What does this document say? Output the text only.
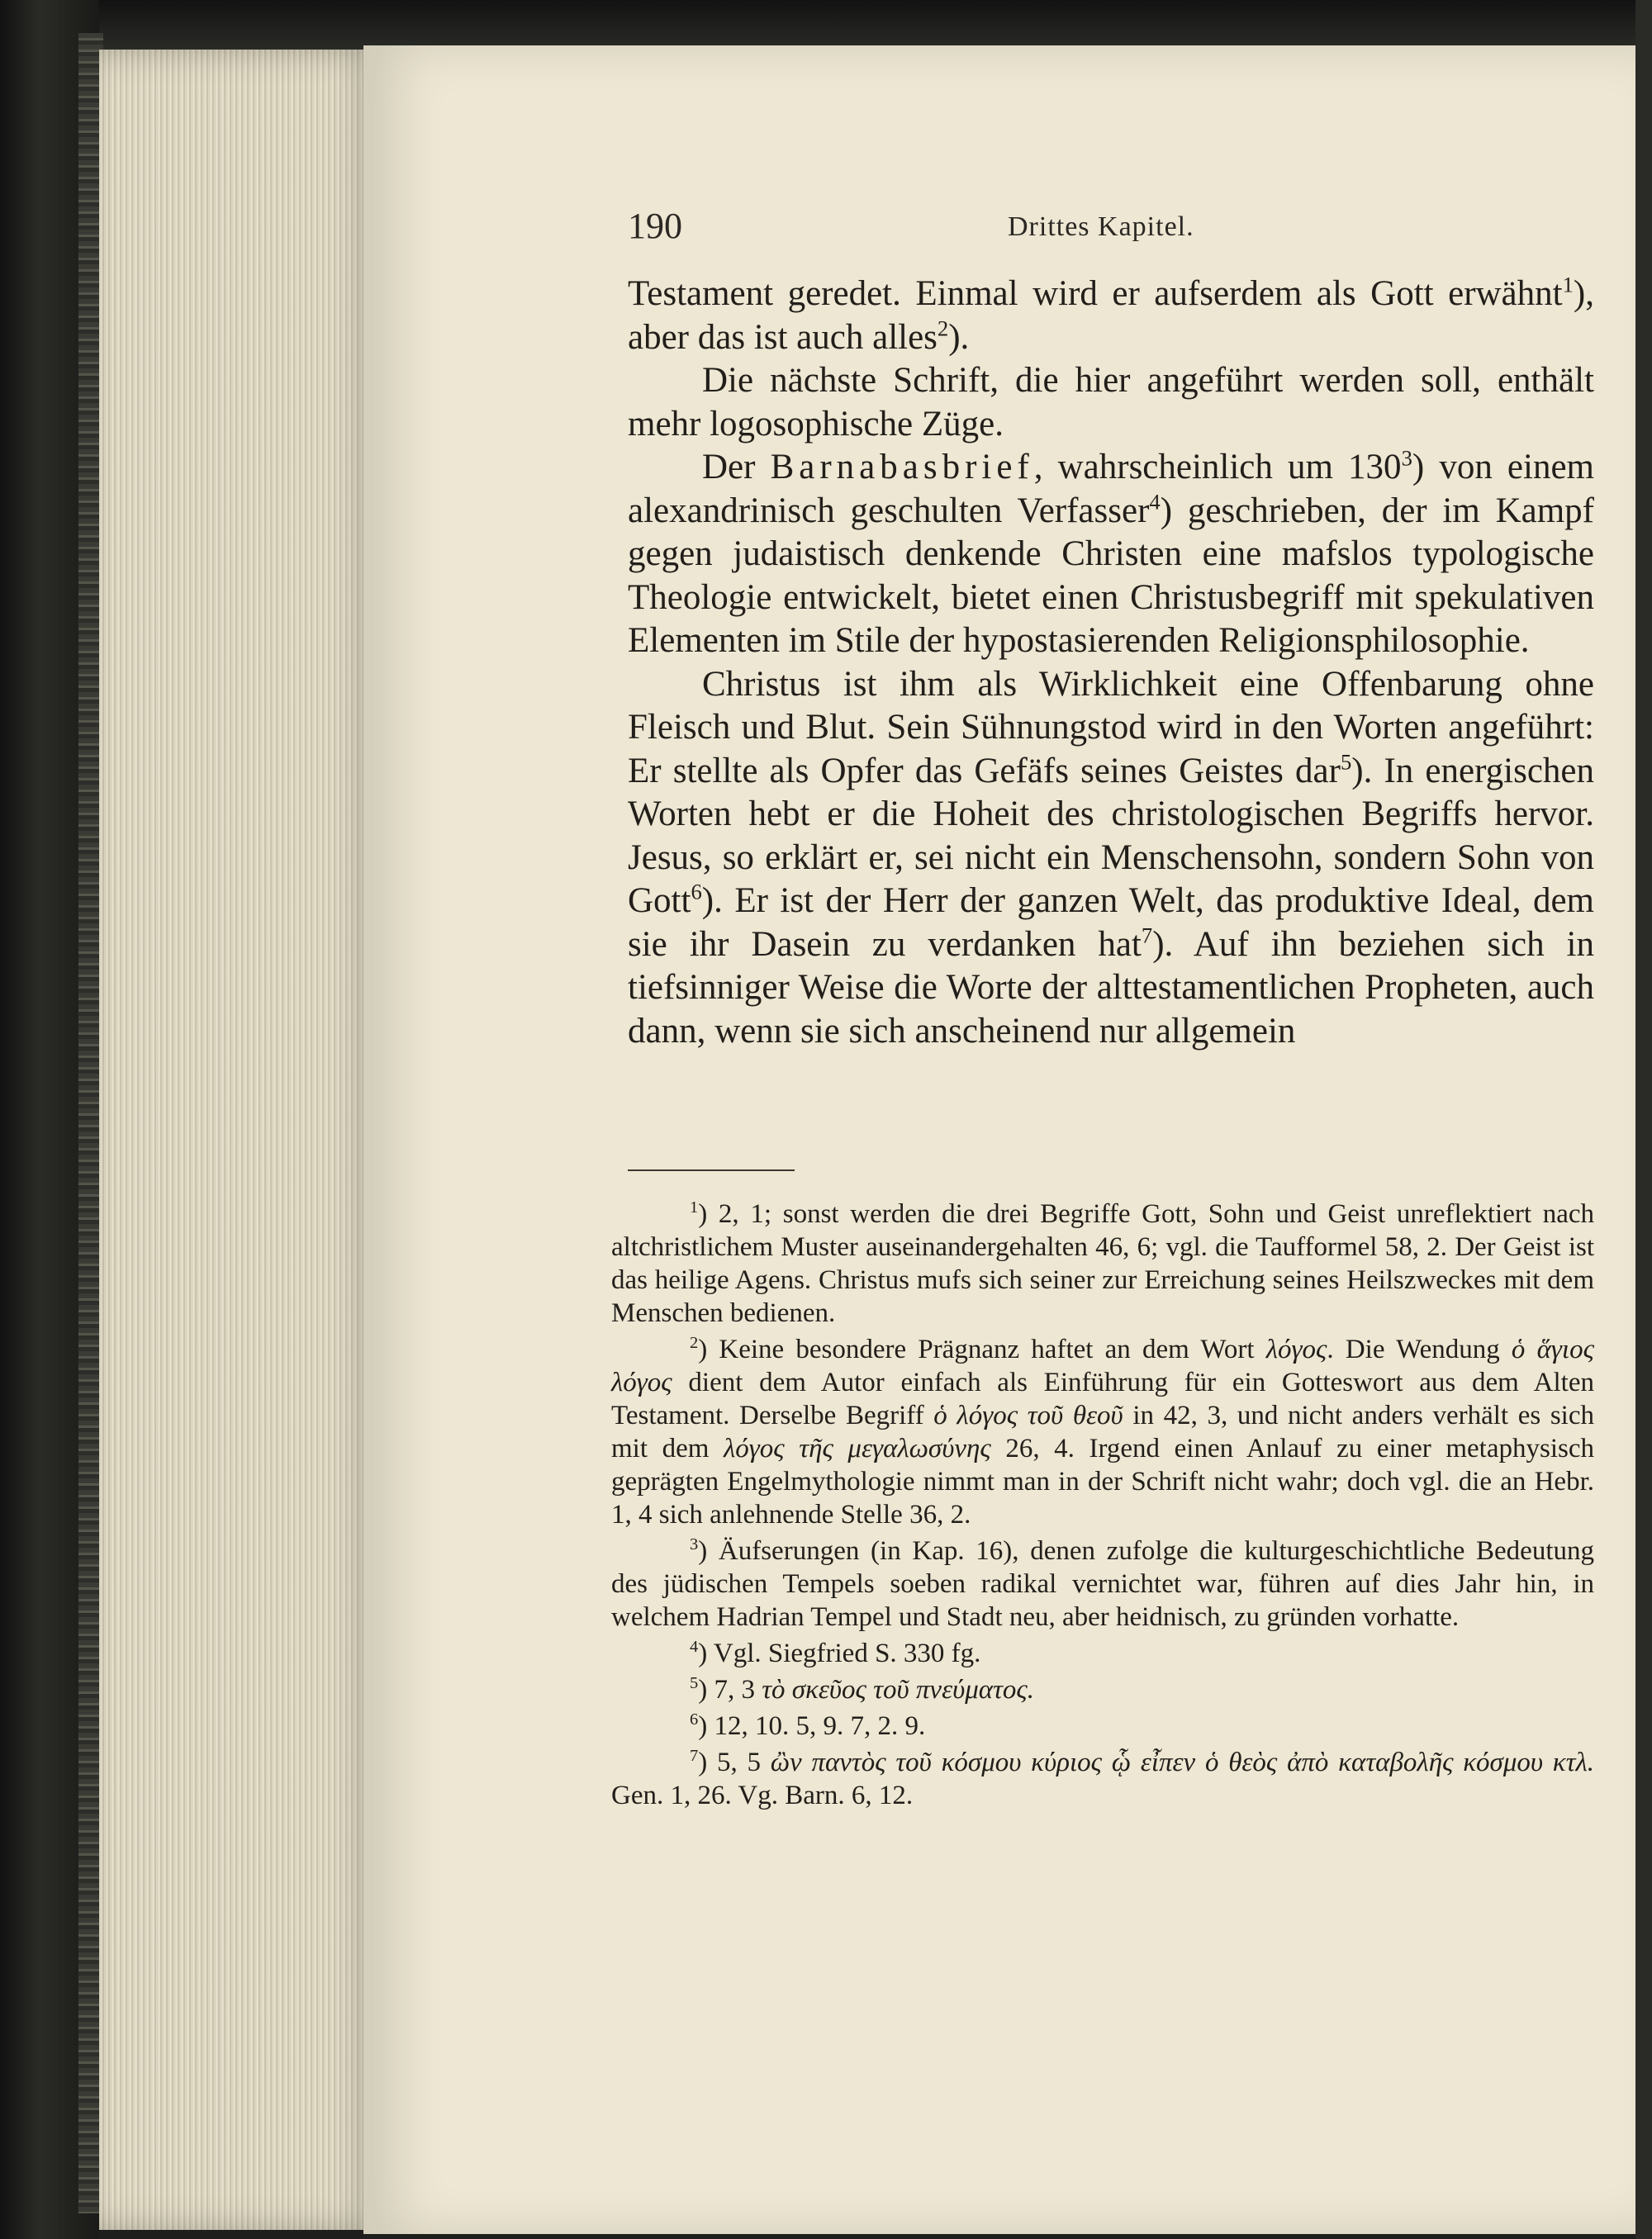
190	Drittes Kapitel.

Testament geredet. Einmal wird er aufserdem als Gott erwähnt$^1$), aber das ist auch alles$^2$).

Die nächste Schrift, die hier angeführt werden soll, enthält mehr logosophische Züge.

Der Barnabasbrief, wahrscheinlich um $130^3$) von einem alexandrinisch geschulten Verfasser$^4$) geschrieben, der im Kampf gegen judaistisch denkende Christen eine mafslos typologische Theologie entwickelt, bietet einen Christusbegriff mit spekulativen Elementen im Stile der hypostasierenden Religionsphilosophie.

Christus ist ihm als Wirklichkeit eine Offenbarung ohne Fleisch und Blut. Sein Sühnungstod wird in den Worten angeführt: Er stellte als Opfer das Gefäfs seines Geistes dar$^5$). In energischen Worten hebt er die Hoheit des christologischen Begriffs hervor. Jesus, so erklärt er, sei nicht ein Menschensohn, sondern Sohn von Gott$^6$). Er ist der Herr der ganzen Welt, das produktive Ideal, dem sie ihr Dasein zu verdanken hat$^7$). Auf ihn beziehen sich in tiefsinniger Weise die Worte der alttestamentlichen Propheten, auch dann, wenn sie sich anscheinend nur allgemein

$^1$) 2, 1; sonst werden die drei Begriffe Gott, Sohn und Geist unreflektiert nach altchristlichem Muster auseinandergehalten 46, 6; vgl. die Taufformel 58, 2. Der Geist ist das heilige Agens. Christus mufs sich seiner zur Erreichung seines Heilszweckes mit dem Menschen bedienen.

$^2$) Keine besondere Prägnanz haftet an dem Wort λόγος. Die Wendung ὁ ἅγιος λόγος dient dem Autor einfach als Einführung für ein Gotteswort aus dem Alten Testament. Derselbe Begriff ὁ λόγος τοῦ θεοῦ in 42, 3, und nicht anders verhält es sich mit dem λόγος τῆς μεγαλωσύνης 26, 4. Irgend einen Anlauf zu einer metaphysisch geprägten Engelmythologie nimmt man in der Schrift nicht wahr; doch vgl. die an Hebr. 1, 4 sich anlehnende Stelle 36, 2.

$^3$) Äufserungen (in Kap. 16), denen zufolge die kulturgeschichtliche Bedeutung des jüdischen Tempels soeben radikal vernichtet war, führen auf dies Jahr hin, in welchem Hadrian Tempel und Stadt neu, aber heidnisch, zu gründen vorhatte.

$^4$) Vgl. Siegfried S. 330 fg.

$^5$) 7, 3 τὸ σκεῦος τοῦ πνεύματος.

$^6$) 12, 10. 5, 9. 7, 2. 9.

$^7$) 5, 5 ὢν παντὸς τοῦ κόσμου κύριος ᾧ εἶπεν ὁ θεὸς ἀπὸ καταβολῆς κόσμου κτλ. Gen. 1, 26. Vg. Barn. 6, 12.
